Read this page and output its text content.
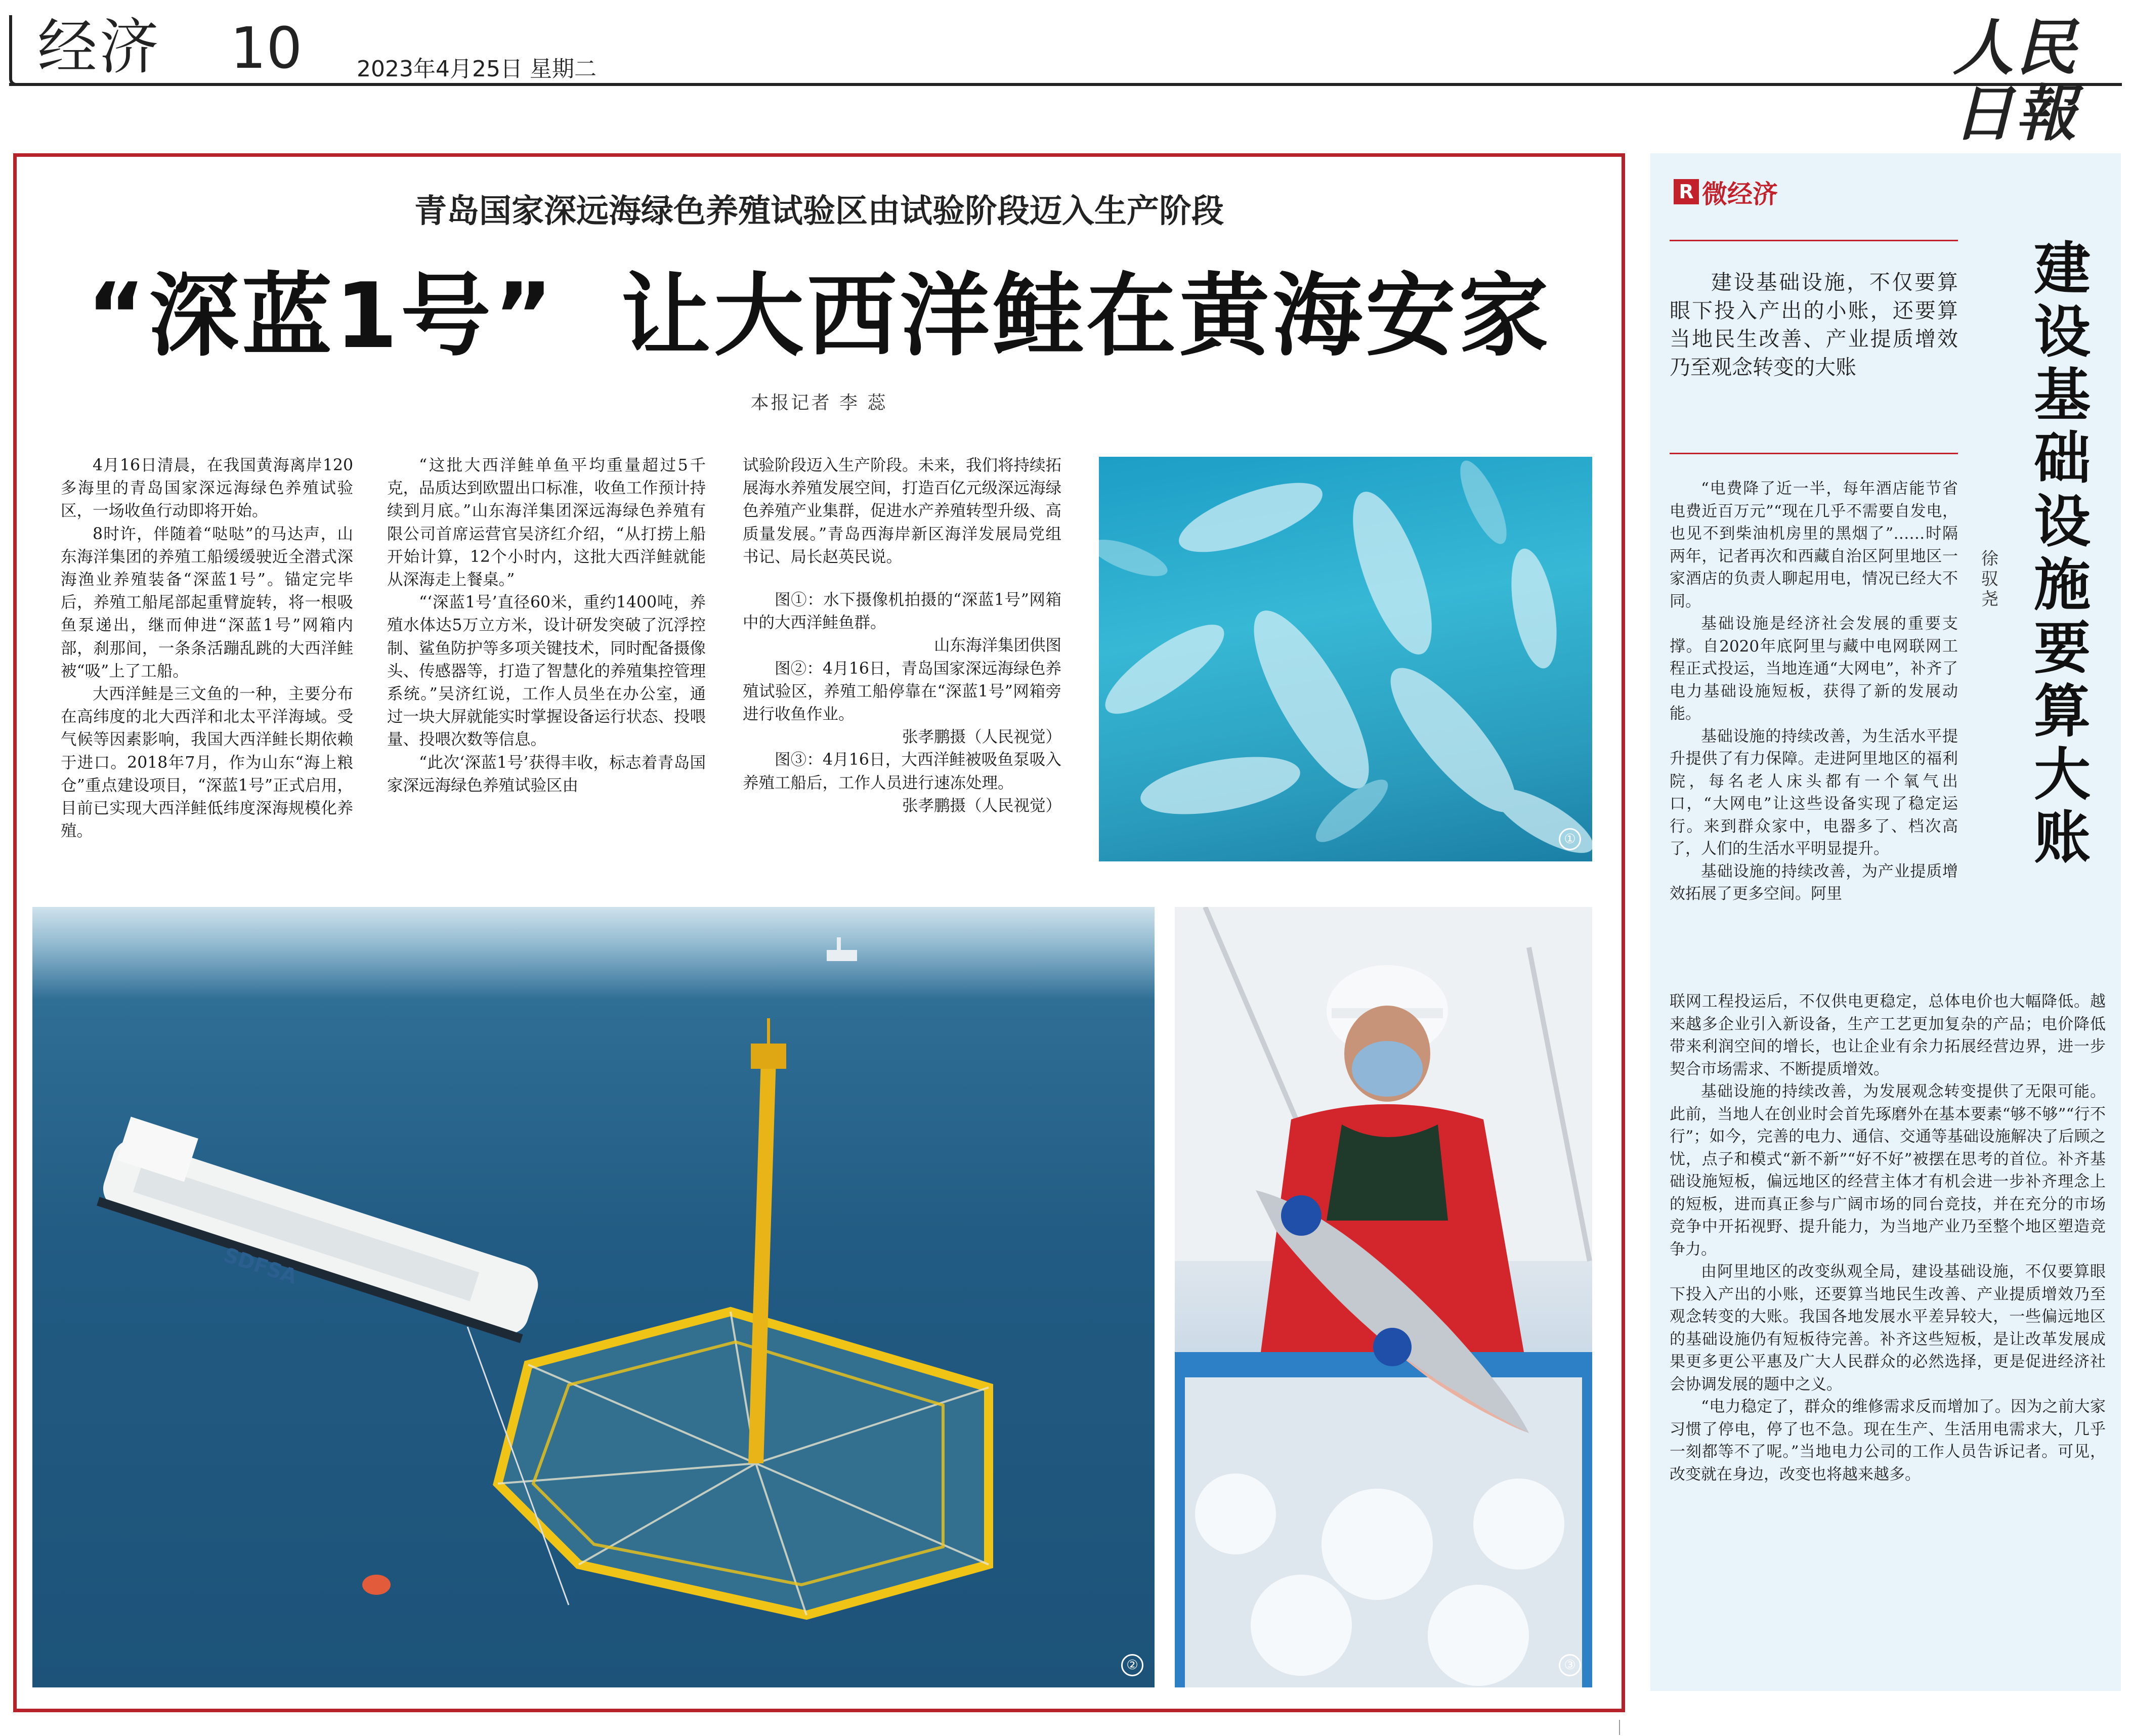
经济 10 2023年4月25日 星期二	人民日報
青岛国家深远海绿色养殖试验区由试验阶段迈入生产阶段
“深蓝1号” 让大西洋鲑在黄海安家
本报记者 李 蕊

4月16日清晨，在我国黄海离岸120多海里的青岛国家深远海绿色养殖试验区，一场收鱼行动即将开始。

8时许，伴随着“哒哒”的马达声，山东海洋集团的养殖工船缓缓驶近全潜式深海渔业养殖装备“深蓝1号”。锚定完毕后，养殖工船尾部起重臂旋转，将一根吸鱼泵递出，继而伸进“深蓝1号”网箱内部，刹那间，一条条活蹦乱跳的大西洋鲑被“吸”上了工船。

大西洋鲑是三文鱼的一种，主要分布在高纬度的北大西洋和北太平洋海域。受气候等因素影响，我国大西洋鲑长期依赖于进口。2018年7月，作为山东“海上粮仓”重点建设项目，“深蓝1号”正式启用，目前已实现大西洋鲑低纬度深海规模化养殖。

“这批大西洋鲑单鱼平均重量超过5千克，品质达到欧盟出口标准，收鱼工作预计持续到月底。”山东海洋集团深远海绿色养殖有限公司首席运营官吴济红介绍，“从打捞上船开始计算，12个小时内，这批大西洋鲑就能从深海走上餐桌。”

“‘深蓝1号’直径60米，重约1400吨，养殖水体达5万立方米，设计研发突破了沉浮控制、鲨鱼防护等多项关键技术，同时配备摄像头、传感器等，打造了智慧化的养殖集控管理系统。”吴济红说，工作人员坐在办公室，通过一块大屏就能实时掌握设备运行状态、投喂量、投喂次数等信息。

“此次‘深蓝1号’获得丰收，标志着青岛国家深远海绿色养殖试验区由

试验阶段迈入生产阶段。未来，我们将持续拓展海水养殖发展空间，打造百亿元级深远海绿色养殖产业集群，促进水产养殖转型升级、高质量发展。”青岛西海岸新区海洋发展局党组书记、局长赵英民说。

图①：水下摄像机拍摄的“深蓝1号”网箱中的大西洋鲑鱼群。

山东海洋集团供图

图②：4月16日，青岛国家深远海绿色养殖试验区，养殖工船停靠在“深蓝1号”网箱旁进行收鱼作业。

张孝鹏摄（人民视觉）

图③：4月16日，大西洋鲑被吸鱼泵吸入养殖工船后，工作人员进行速冻处理。

张孝鹏摄（人民视觉）
①
SDFSA
②	③
R 微经济

建设基础设施，不仅要算眼下投入产出的小账，还要算当地民生改善、产业提质增效乃至观念转变的大账

建设基础设施要算大账
徐驭尧

“电费降了近一半，每年酒店能节省电费近百万元”“现在几乎不需要自发电，也见不到柴油机房里的黑烟了”……时隔两年，记者再次和西藏自治区阿里地区一家酒店的负责人聊起用电，情况已经大不同。

基础设施是经济社会发展的重要支撑。自2020年底阿里与藏中电网联网工程正式投运，当地连通“大网电”，补齐了电力基础设施短板，获得了新的发展动能。

基础设施的持续改善，为生活水平提升提供了有力保障。走进阿里地区的福利院，每名老人床头都有一个氧气出口，“大网电”让这些设备实现了稳定运行。来到群众家中，电器多了、档次高了，人们的生活水平明显提升。

基础设施的持续改善，为产业提质增效拓展了更多空间。阿里

联网工程投运后，不仅供电更稳定，总体电价也大幅降低。越来越多企业引入新设备，生产工艺更加复杂的产品；电价降低带来利润空间的增长，也让企业有余力拓展经营边界，进一步契合市场需求、不断提质增效。

基础设施的持续改善，为发展观念转变提供了无限可能。此前，当地人在创业时会首先琢磨外在基本要素“够不够”“行不行”；如今，完善的电力、通信、交通等基础设施解决了后顾之忧，点子和模式“新不新”“好不好”被摆在思考的首位。补齐基础设施短板，偏远地区的经营主体才有机会进一步补齐理念上的短板，进而真正参与广阔市场的同台竞技，并在充分的市场竞争中开拓视野、提升能力，为当地产业乃至整个地区塑造竞争力。

由阿里地区的改变纵观全局，建设基础设施，不仅要算眼下投入产出的小账，还要算当地民生改善、产业提质增效乃至观念转变的大账。我国各地发展水平差异较大，一些偏远地区的基础设施仍有短板待完善。补齐这些短板，是让改革发展成果更多更公平惠及广大人民群众的必然选择，更是促进经济社会协调发展的题中之义。

“电力稳定了，群众的维修需求反而增加了。因为之前大家习惯了停电，停了也不急。现在生产、生活用电需求大，几乎一刻都等不了呢。”当地电力公司的工作人员告诉记者。可见，改变就在身边，改变也将越来越多。
